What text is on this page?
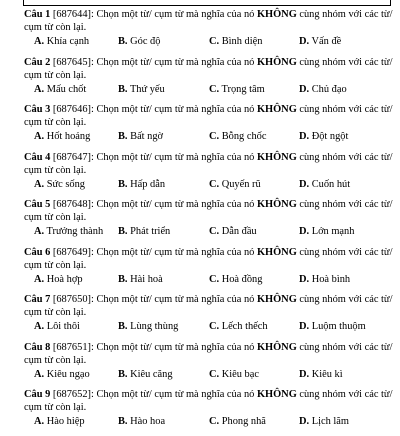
Câu 1 [687644]: Chọn một từ/ cụm từ mà nghĩa của nó KHÔNG cùng nhóm với các từ/ cụm từ còn lại.

A. Khía cạnh	B. Góc độ	C. Bình diện	D. Vấn đề

Câu 2 [687645]: Chọn một từ/ cụm từ mà nghĩa của nó KHÔNG cùng nhóm với các từ/ cụm từ còn lại.

A. Mấu chốt	B. Thứ yếu	C. Trọng tâm	D. Chủ đạo

Câu 3 [687646]: Chọn một từ/ cụm từ mà nghĩa của nó KHÔNG cùng nhóm với các từ/ cụm từ còn lại.

A. Hốt hoảng	B. Bất ngờ	C. Bỗng chốc	D. Đột ngột

Câu 4 [687647]: Chọn một từ/ cụm từ mà nghĩa của nó KHÔNG cùng nhóm với các từ/ cụm từ còn lại.

A. Sức sống	B. Hấp dẫn	C. Quyến rũ	D. Cuốn hút

Câu 5 [687648]: Chọn một từ/ cụm từ mà nghĩa của nó KHÔNG cùng nhóm với các từ/ cụm từ còn lại.

A. Trưởng thành B. Phát triển	C. Dẫn đầu	D. Lớn mạnh

Câu 6 [687649]: Chọn một từ/ cụm từ mà nghĩa của nó KHÔNG cùng nhóm với các từ/ cụm từ còn lại.

A. Hoà hợp	B. Hài hoà	C. Hoà đồng	D. Hoà bình

Câu 7 [687650]: Chọn một từ/ cụm từ mà nghĩa của nó KHÔNG cùng nhóm với các từ/ cụm từ còn lại.

A. Lôi thôi	B. Lùng thùng	C. Lếch thếch	D. Luộm thuộm

Câu 8 [687651]: Chọn một từ/ cụm từ mà nghĩa của nó KHÔNG cùng nhóm với các từ/ cụm từ còn lại.

A. Kiêu ngạo	B. Kiêu căng	C. Kiêu bạc	D. Kiêu kì

Câu 9 [687652]: Chọn một từ/ cụm từ mà nghĩa của nó KHÔNG cùng nhóm với các từ/ cụm từ còn lại.

A. Hào hiệp	B. Hào hoa	C. Phong nhã	D. Lịch lãm
